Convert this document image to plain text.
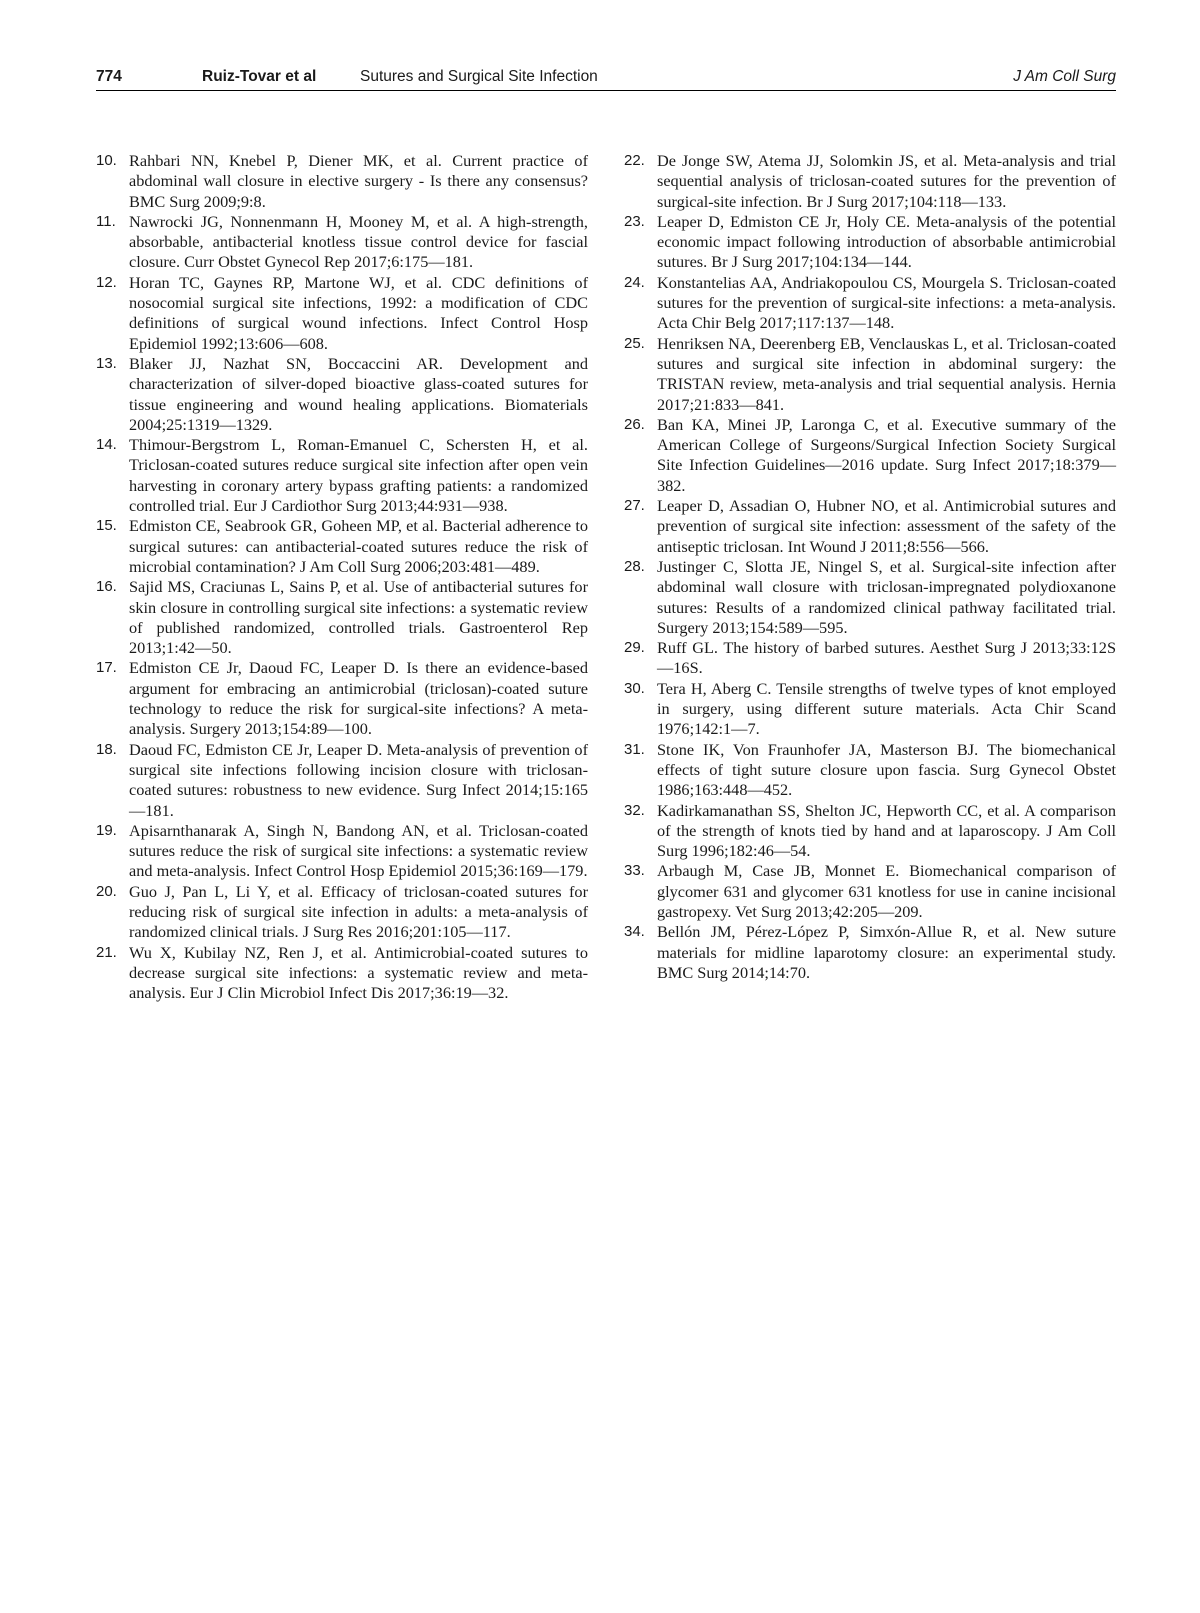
774	Ruiz-Tovar et al	Sutures and Surgical Site Infection	J Am Coll Surg

10. Rahbari NN, Knebel P, Diener MK, et al. Current practice of abdominal wall closure in elective surgery - Is there any consensus? BMC Surg 2009;9:8.

11. Nawrocki JG, Nonnenmann H, Mooney M, et al. A high-strength, absorbable, antibacterial knotless tissue control device for fascial closure. Curr Obstet Gynecol Rep 2017;6:175—181.

12. Horan TC, Gaynes RP, Martone WJ, et al. CDC definitions of nosocomial surgical site infections, 1992: a modification of CDC definitions of surgical wound infections. Infect Control Hosp Epidemiol 1992;13:606—608.

13. Blaker JJ, Nazhat SN, Boccaccini AR. Development and characterization of silver-doped bioactive glass-coated sutures for tissue engineering and wound healing applications. Biomaterials 2004;25:1319—1329.

14. Thimour-Bergstrom L, Roman-Emanuel C, Schersten H, et al. Triclosan-coated sutures reduce surgical site infection after open vein harvesting in coronary artery bypass grafting patients: a randomized controlled trial. Eur J Cardiothor Surg 2013;44:931—938.

15. Edmiston CE, Seabrook GR, Goheen MP, et al. Bacterial adherence to surgical sutures: can antibacterial-coated sutures reduce the risk of microbial contamination? J Am Coll Surg 2006;203:481—489.

16. Sajid MS, Craciunas L, Sains P, et al. Use of antibacterial sutures for skin closure in controlling surgical site infections: a systematic review of published randomized, controlled trials. Gastroenterol Rep 2013;1:42—50.

17. Edmiston CE Jr, Daoud FC, Leaper D. Is there an evidence-based argument for embracing an antimicrobial (triclosan)-coated suture technology to reduce the risk for surgical-site infections? A meta-analysis. Surgery 2013;154:89—100.

18. Daoud FC, Edmiston CE Jr, Leaper D. Meta-analysis of prevention of surgical site infections following incision closure with triclosan-coated sutures: robustness to new evidence. Surg Infect 2014;15:165—181.

19. Apisarnthanarak A, Singh N, Bandong AN, et al. Triclosan-coated sutures reduce the risk of surgical site infections: a systematic review and meta-analysis. Infect Control Hosp Epidemiol 2015;36:169—179.

20. Guo J, Pan L, Li Y, et al. Efficacy of triclosan-coated sutures for reducing risk of surgical site infection in adults: a meta-analysis of randomized clinical trials. J Surg Res 2016;201:105—117.

21. Wu X, Kubilay NZ, Ren J, et al. Antimicrobial-coated sutures to decrease surgical site infections: a systematic review and meta-analysis. Eur J Clin Microbiol Infect Dis 2017;36:19—32.

22. De Jonge SW, Atema JJ, Solomkin JS, et al. Meta-analysis and trial sequential analysis of triclosan-coated sutures for the prevention of surgical-site infection. Br J Surg 2017;104:118—133.

23. Leaper D, Edmiston CE Jr, Holy CE. Meta-analysis of the potential economic impact following introduction of absorbable antimicrobial sutures. Br J Surg 2017;104:134—144.

24. Konstantelias AA, Andriakopoulou CS, Mourgela S. Triclosan-coated sutures for the prevention of surgical-site infections: a meta-analysis. Acta Chir Belg 2017;117:137—148.

25. Henriksen NA, Deerenberg EB, Venclauskas L, et al. Triclosan-coated sutures and surgical site infection in abdominal surgery: the TRISTAN review, meta-analysis and trial sequential analysis. Hernia 2017;21:833—841.

26. Ban KA, Minei JP, Laronga C, et al. Executive summary of the American College of Surgeons/Surgical Infection Society Surgical Site Infection Guidelines—2016 update. Surg Infect 2017;18:379—382.

27. Leaper D, Assadian O, Hubner NO, et al. Antimicrobial sutures and prevention of surgical site infection: assessment of the safety of the antiseptic triclosan. Int Wound J 2011;8:556—566.

28. Justinger C, Slotta JE, Ningel S, et al. Surgical-site infection after abdominal wall closure with triclosan-impregnated polydioxanone sutures: Results of a randomized clinical pathway facilitated trial. Surgery 2013;154:589—595.

29. Ruff GL. The history of barbed sutures. Aesthet Surg J 2013;33:12S—16S.

30. Tera H, Aberg C. Tensile strengths of twelve types of knot employed in surgery, using different suture materials. Acta Chir Scand 1976;142:1—7.

31. Stone IK, Von Fraunhofer JA, Masterson BJ. The biomechanical effects of tight suture closure upon fascia. Surg Gynecol Obstet 1986;163:448—452.

32. Kadirkamanathan SS, Shelton JC, Hepworth CC, et al. A comparison of the strength of knots tied by hand and at laparoscopy. J Am Coll Surg 1996;182:46—54.

33. Arbaugh M, Case JB, Monnet E. Biomechanical comparison of glycomer 631 and glycomer 631 knotless for use in canine incisional gastropexy. Vet Surg 2013;42:205—209.

34. Bellón JM, Pérez-López P, Simxón-Allue R, et al. New suture materials for midline laparotomy closure: an experimental study. BMC Surg 2014;14:70.
